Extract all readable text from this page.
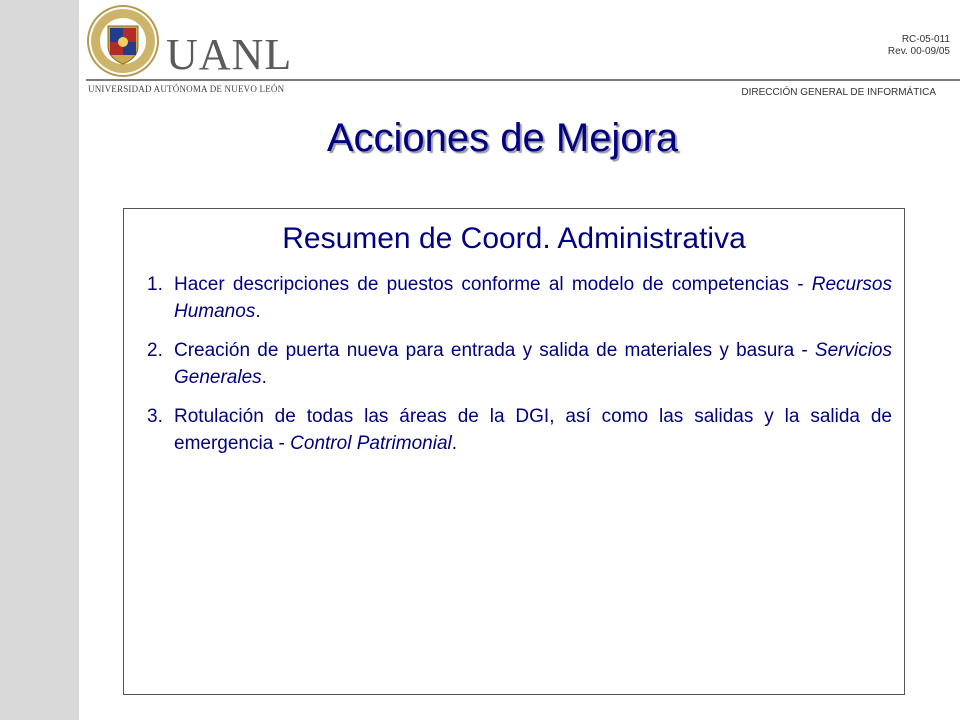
UANL
UNIVERSIDAD AUTÓNOMA DE NUEVO LEÓN
RC-05-011
Rev. 00-09/05
DIRECCIÓN GENERAL DE INFORMÁTICA
Acciones de Mejora
Resumen de Coord. Administrativa
1. Hacer descripciones de puestos conforme al modelo de competencias - Recursos Humanos.
2. Creación de puerta nueva para entrada y salida de materiales y basura - Servicios Generales.
3. Rotulación de todas las áreas de la DGI, así como las salidas y la salida de emergencia - Control Patrimonial.
